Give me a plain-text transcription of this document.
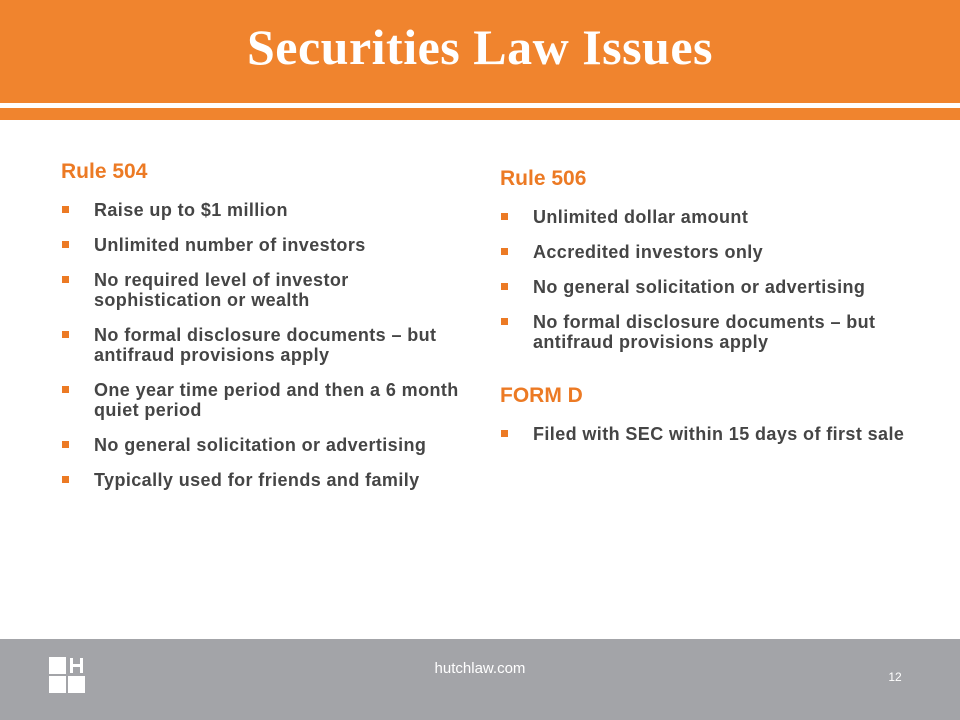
Securities Law Issues
Rule 504
Raise up to $1 million
Unlimited number of investors
No required level of investor sophistication or wealth
No formal disclosure documents – but antifraud provisions apply
One year time period and then a 6 month quiet period
No general solicitation or advertising
Typically used for friends and family
Rule 506
Unlimited dollar amount
Accredited investors only
No general solicitation or advertising
No formal disclosure documents – but antifraud provisions apply
FORM D
Filed with SEC within 15 days of first sale
hutchlaw.com	12
